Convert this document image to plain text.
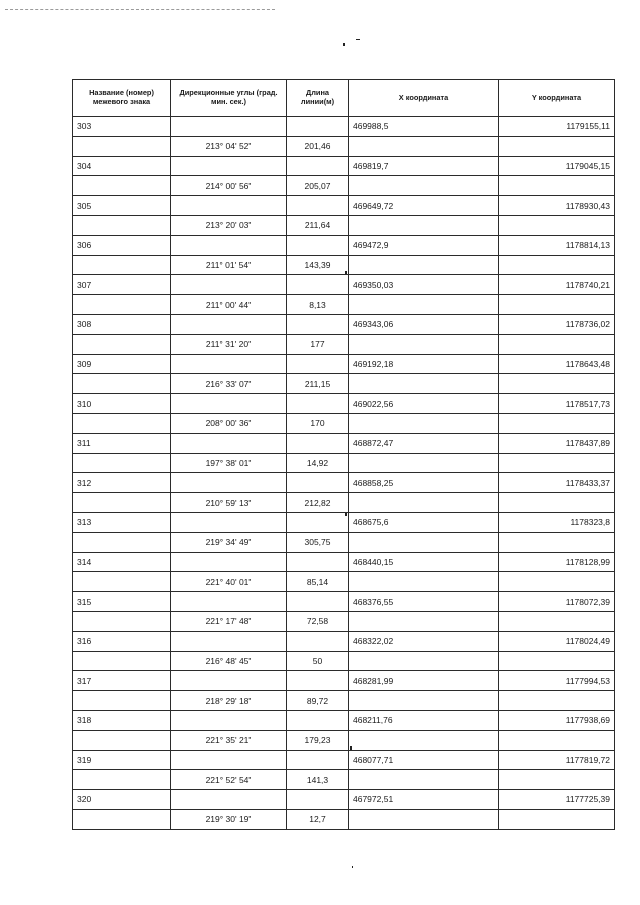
Название (номер) межевого знака	Дирекционные углы (град. мин. сек.)	Длина линии(м)	X координата	Y координата
303			469988,5	1179155,11
	213° 04' 52"	201,46		
304			469819,7	1179045,15
	214° 00' 56"	205,07		
305			469649,72	1178930,43
	213° 20' 03"	211,64		
306			469472,9	1178814,13
	211° 01' 54"	143,39		
307			469350,03	1178740,21
	211° 00' 44"	8,13		
308			469343,06	1178736,02
	211° 31' 20"	177		
309			469192,18	1178643,48
	216° 33' 07"	211,15		
310			469022,56	1178517,73
	208° 00' 36"	170		
311			468872,47	1178437,89
	197° 38' 01"	14,92		
312			468858,25	1178433,37
	210° 59' 13"	212,82		
313			468675,6	1178323,8
	219° 34' 49"	305,75		
314			468440,15	1178128,99
	221° 40' 01"	85,14		
315			468376,55	1178072,39
	221° 17' 48"	72,58		
316			468322,02	1178024,49
	216° 48' 45"	50		
317			468281,99	1177994,53
	218° 29' 18"	89,72		
318			468211,76	1177938,69
	221° 35' 21"	179,23		
319			468077,71	1177819,72
	221° 52' 54"	141,3		
320			467972,51	1177725,39
	219° 30' 19"	12,7		
